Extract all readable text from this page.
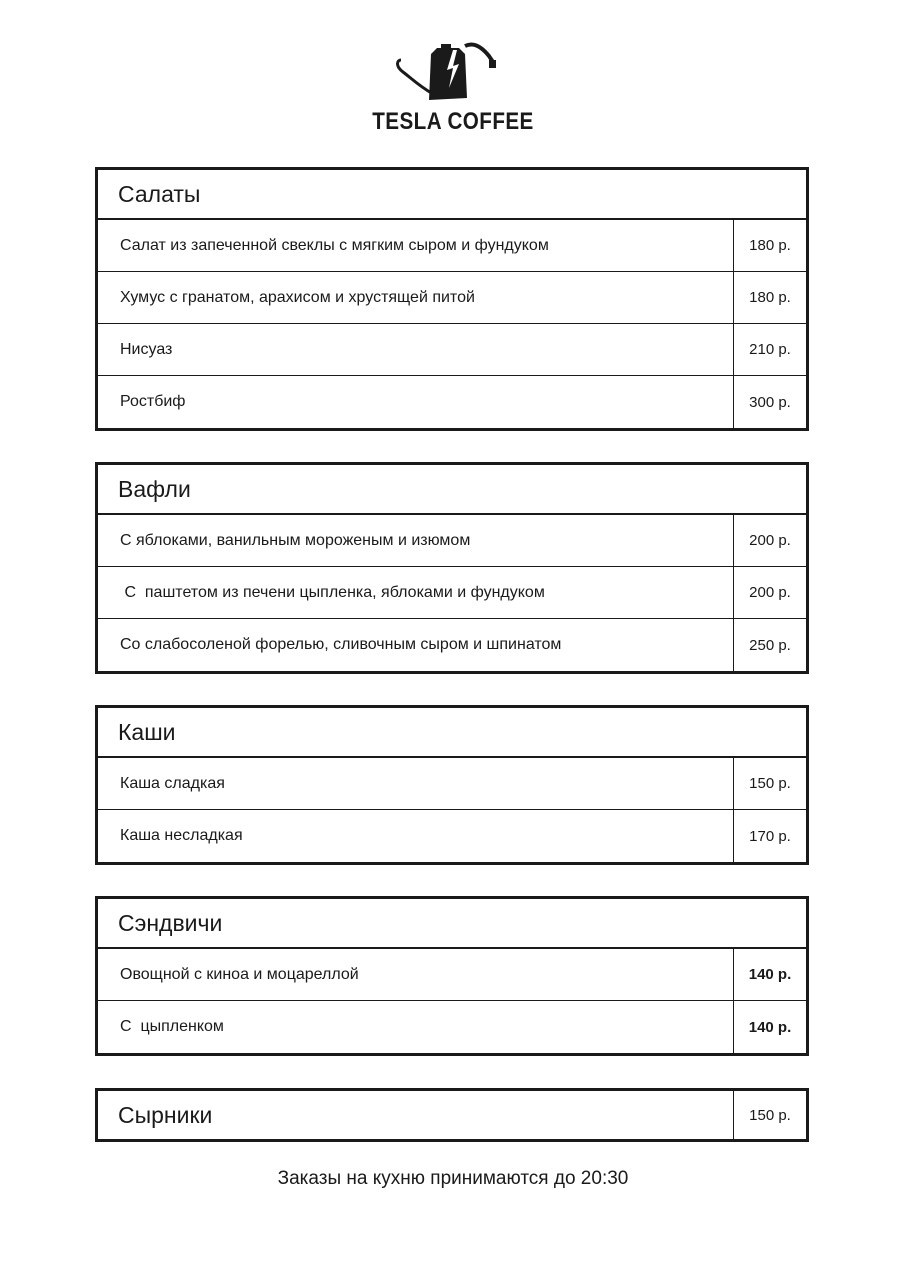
TESLA COFFEE
Салаты
Салат из запеченной свеклы с мягким сыром и фундуком	180 р.
Хумус с гранатом, арахисом и хрустящей питой	180 р.
Нисуаз	210 р.
Ростбиф	300 р.
Вафли
С яблоками, ванильным мороженым и изюмом	200 р.
С  паштетом из печени цыпленка, яблоками и фундуком	200 р.
Со слабосоленой форелью, сливочным сыром и шпинатом	250 р.
Каши
Каша сладкая	150 р.
Каша несладкая	170 р.
Сэндвичи
Овощной с киноа и моцареллой	140 р.
С  цыпленком	140 р.
Сырники	150 р.
Заказы на кухню принимаются до 20:30
